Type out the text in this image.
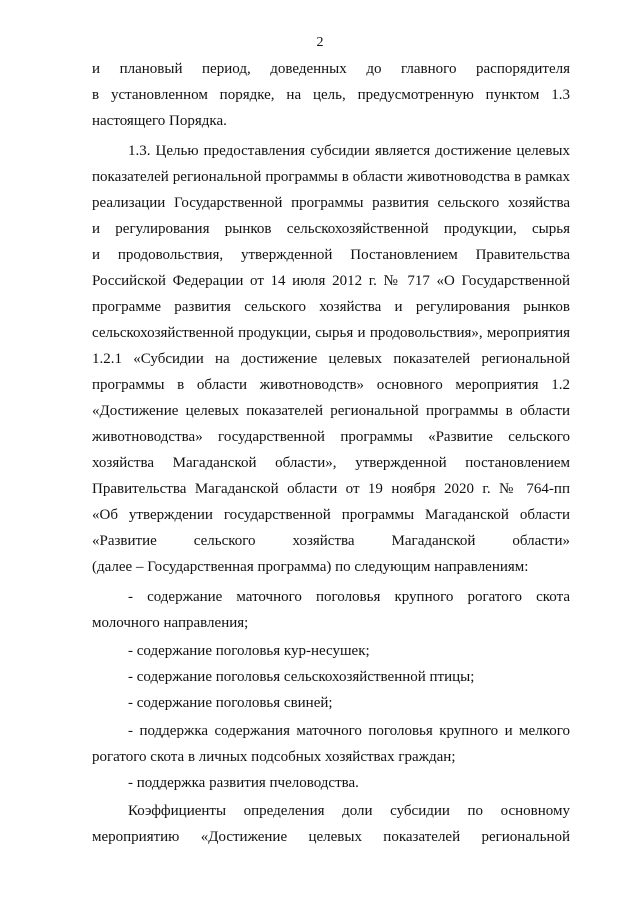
2
и плановый период, доведенных до главного распорядителя
в установленном порядке, на цель, предусмотренную пунктом 1.3
настоящего Порядка.
1.3. Целью предоставления субсидии является достижение целевых
показателей региональной программы в области животноводства в рамках
реализации Государственной программы развития сельского хозяйства
и регулирования рынков сельскохозяйственной продукции, сырья
и продовольствия, утвержденной Постановлением Правительства
Российской Федерации от 14 июля 2012 г. № 717 «О Государственной
программе развития сельского хозяйства и регулирования рынков
сельскохозяйственной продукции, сырья и продовольствия», мероприятия
1.2.1 «Субсидии на достижение целевых показателей региональной
программы в области животноводств» основного мероприятия 1.2
«Достижение целевых показателей региональной программы в области
животноводства» государственной программы «Развитие сельского
хозяйства Магаданской области», утвержденной постановлением
Правительства Магаданской области от 19 ноября 2020 г. № 764-пп
«Об утверждении государственной программы Магаданской области
«Развитие сельского хозяйства Магаданской области»
(далее – Государственная программа) по следующим направлениям:
- содержание маточного поголовья крупного рогатого скота
молочного направления;
- содержание поголовья кур-несушек;
- содержание поголовья сельскохозяйственной птицы;
- содержание поголовья свиней;
- поддержка содержания маточного поголовья крупного и мелкого
рогатого скота в личных подсобных хозяйствах граждан;
- поддержка развития пчеловодства.
Коэффициенты определения доли субсидии по основному
мероприятию «Достижение целевых показателей региональной
